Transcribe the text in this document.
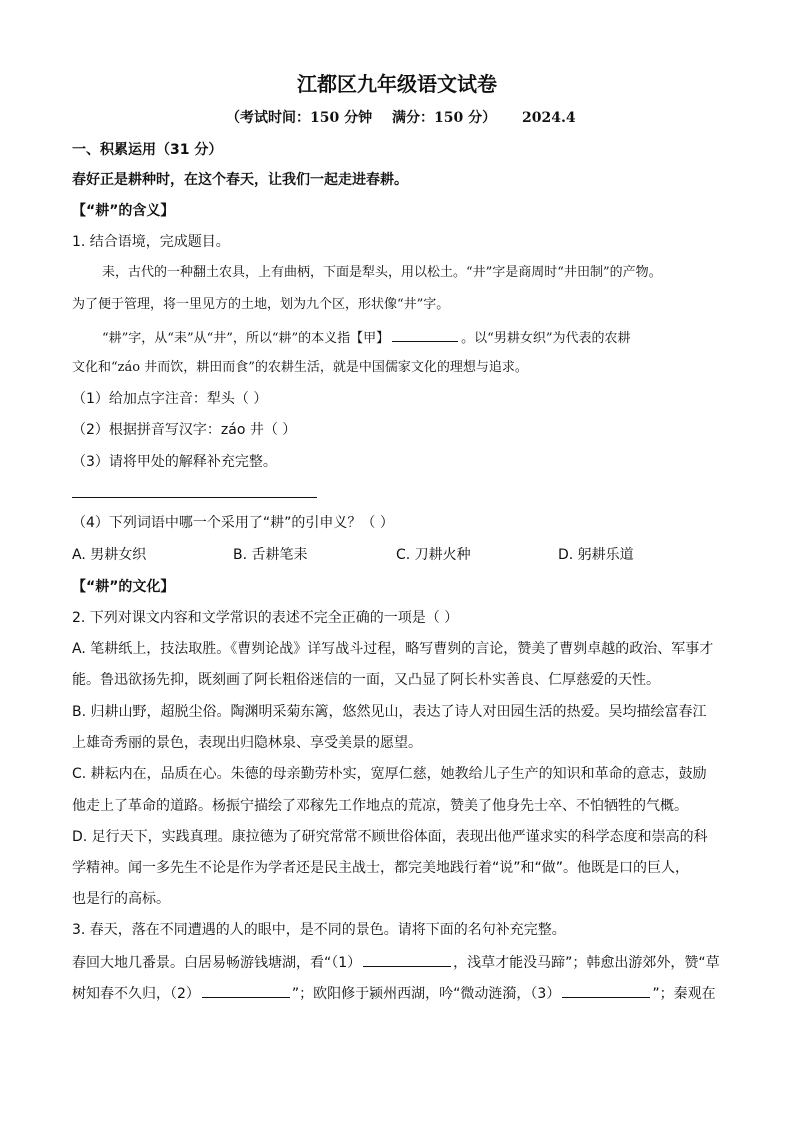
江都区九年级语文试卷
（考试时间：150 分钟 满分：150 分） 2024.4
一、积累运用（31 分）
春好正是耕种时，在这个春天，让我们一起走进春耕。
【“耕”的含义】
1. 结合语境，完成题目。
耒，古代的一种翻土农具，上有曲柄，下面是犁头，用以松土。“井”字是商周时“井田制”的产物。
为了便于管理，将一里见方的土地，划为九个区，形状像“井”字。
“耕”字，从“耒”从“井”，所以“耕”的本义指【甲】	。以“男耕女织”为代表的农耕
文化和“záo 井而饮，耕田而食”的农耕生活，就是中国儒家文化的理想与追求。
（1）给加点字注音：犁头（ ）
（2）根据拼音写汉字：záo 井（ ）
（3）请将甲处的解释补充完整。
（4）下列词语中哪一个采用了“耕”的引申义？（ ）
A. 男耕女织	B. 舌耕笔耒	C. 刀耕火种	D. 躬耕乐道
【“耕”的文化】
2. 下列对课文内容和文学常识的表述不完全正确的一项是（ ）
A. 笔耕纸上，技法取胜。《曹刿论战》详写战斗过程，略写曹刿的言论，赞美了曹刿卓越的政治、军事才
能。鲁迅欲扬先抑，既刻画了阿长粗俗迷信的一面，又凸显了阿长朴实善良、仁厚慈爱的天性。
B. 归耕山野，超脱尘俗。陶渊明采菊东篱，悠然见山，表达了诗人对田园生活的热爱。吴均描绘富春江
上雄奇秀丽的景色，表现出归隐林泉、享受美景的愿望。
C. 耕耘内在，品质在心。朱德的母亲勤劳朴实，宽厚仁慈，她教给儿子生产的知识和革命的意志，鼓励
他走上了革命的道路。杨振宁描绘了邓稼先工作地点的荒凉，赞美了他身先士卒、不怕牺牲的气概。
D. 足行天下，实践真理。康拉德为了研究常常不顾世俗体面，表现出他严谨求实的科学态度和崇高的科
学精神。闻一多先生不论是作为学者还是民主战士，都完美地践行着“说”和“做”。他既是口的巨人，
也是行的高标。
3. 春天，落在不同遭遇的人的眼中，是不同的景色。请将下面的名句补充完整。
春回大地几番景。白居易畅游钱塘湖，看“（1）	，浅草才能没马蹄”；韩愈出游郊外，赞“草
树知春不久归，（2）	”；欧阳修于颍州西湖，吟“微动涟漪，（3）	”；秦观在
